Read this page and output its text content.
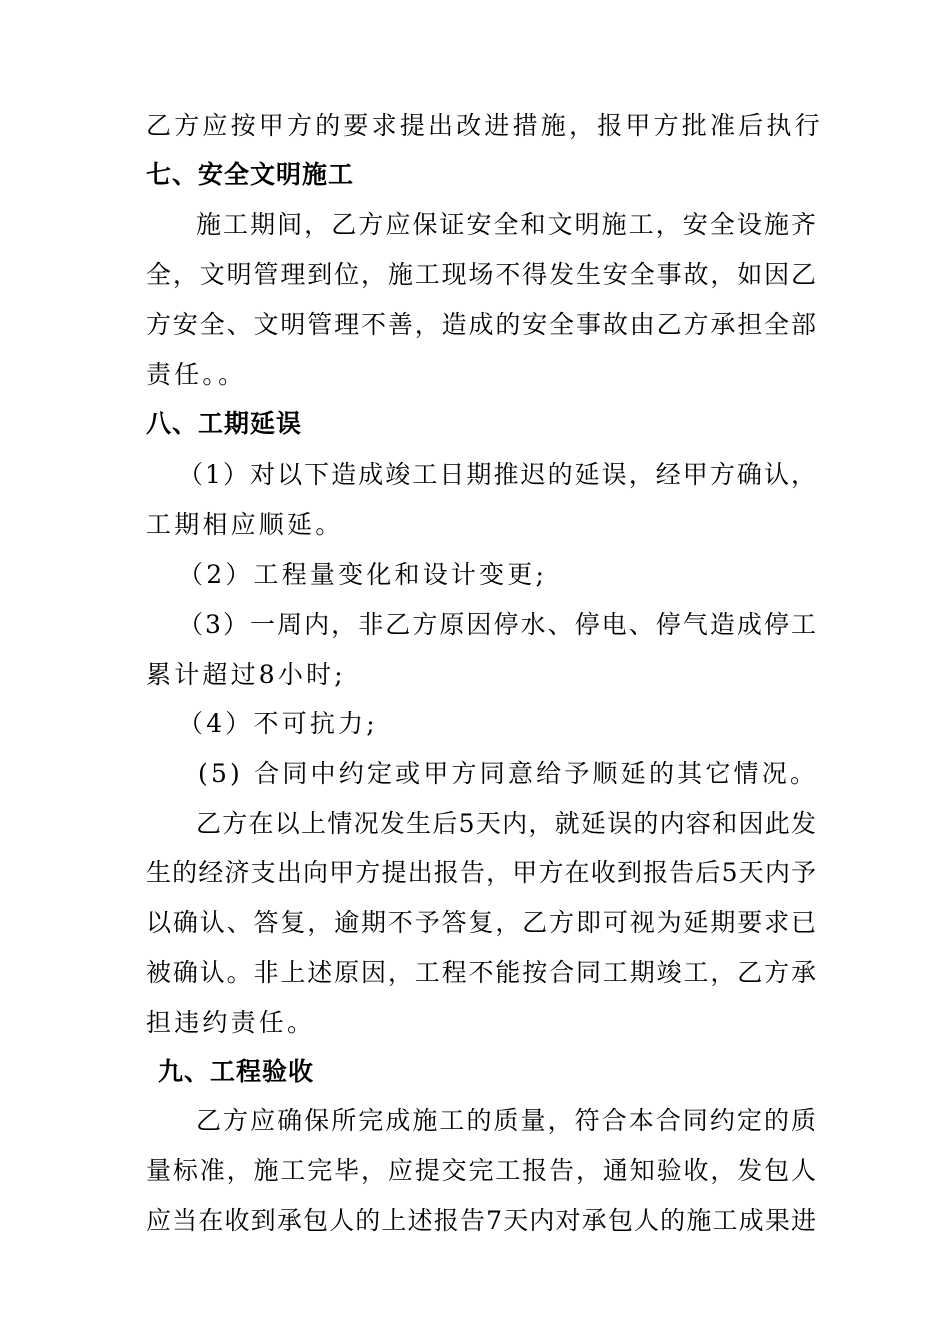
乙方应按甲方的要求提出改进措施，报甲方批准后执行
七、安全文明施工
施工期间，乙方应保证安全和文明施工，安全设施齐
全，文明管理到位，施工现场不得发生安全事故，如因乙
方安全、文明管理不善，造成的安全事故由乙方承担全部
责任。。
八、工期延误
（1）对以下造成竣工日期推迟的延误，经甲方确认，
工期相应顺延。
（2）工程量变化和设计变更;
（3）一周内，非乙方原因停水、停电、停气造成停工
累计超过8小时;
（4）不可抗力;
(5) 合同中约定或甲方同意给予顺延的其它情况。
乙方在以上情况发生后5天内，就延误的内容和因此发
生的经济支出向甲方提出报告，甲方在收到报告后5天内予
以确认、答复，逾期不予答复，乙方即可视为延期要求已
被确认。非上述原因，工程不能按合同工期竣工，乙方承
担违约责任。
九、工程验收
乙方应确保所完成施工的质量，符合本合同约定的质
量标准，施工完毕，应提交完工报告，通知验收，发包人
应当在收到承包人的上述报告7天内对承包人的施工成果进
